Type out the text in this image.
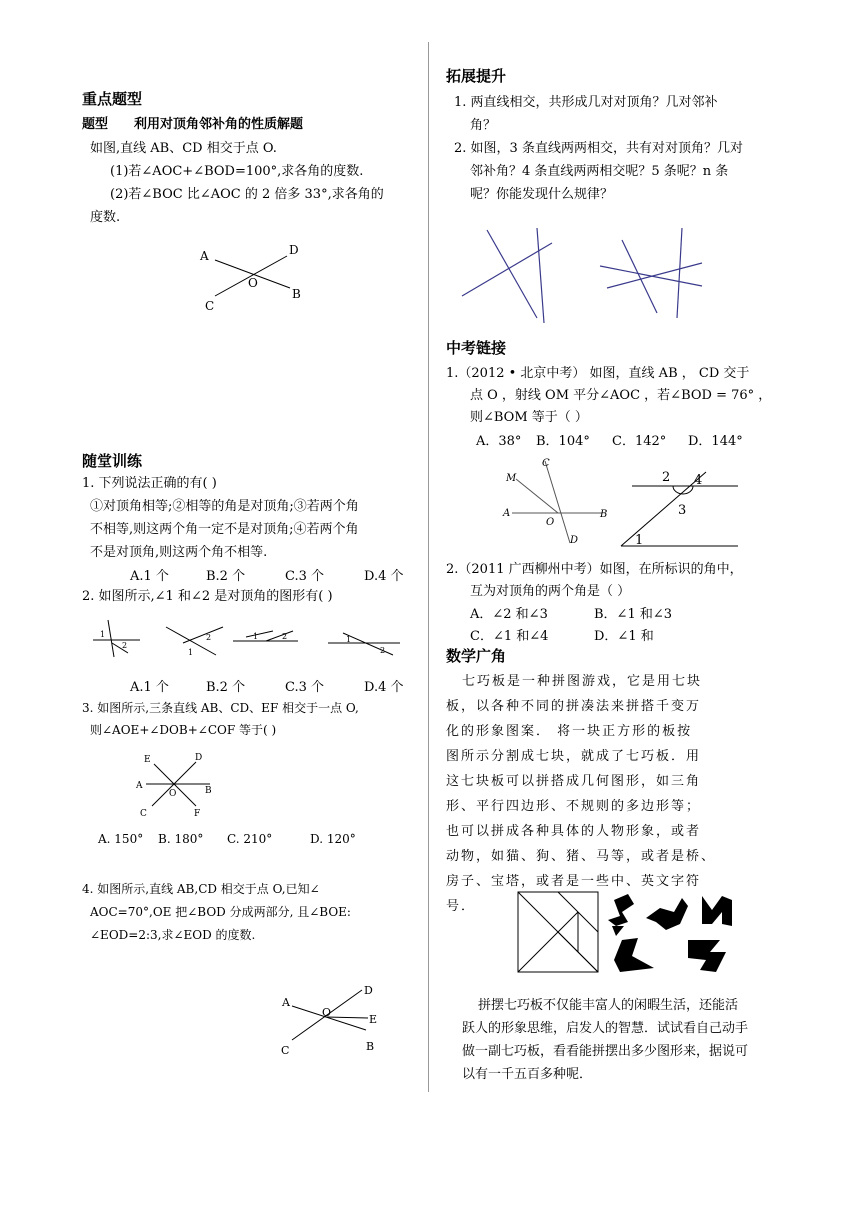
重点题型
题型 利用对顶角邻补角的性质解题
如图,直线 AB、CD 相交于点 O.
(1)若∠AOC+∠BOD=100°,求各角的度数.
(2)若∠BOC 比∠AOC 的 2 倍多 33°,求各角的
度数.
A	D
O
B
C
随堂训练
1. 下列说法正确的有( )
①对顶角相等;②相等的角是对顶角;③若两个角
不相等,则这两个角一定不是对顶角;④若两个角
不是对顶角,则这两个角不相等.
A.1 个	B.2 个	C.3 个	D.4 个
2. 如图所示,∠1 和∠2 是对顶角的图形有( )
1
2
1
2	1	2	1
2
A.1 个	B.2 个	C.3 个	D.4 个
3. 如图所示,三条直线 AB、CD、EF 相交于一点 O,
则∠AOE+∠DOB+∠COF 等于( )
E	D
A	B
O
C	F
A. 150° B. 180° C. 210°	D. 120°
4. 如图所示,直线 AB,CD 相交于点 O,已知∠
AOC=70°,OE 把∠BOD 分成两部分, 且∠BOE:
∠EOD=2:3,求∠EOD 的度数.
A
D
O
E
B
C
拓展提升
1. 两直线相交，共形成几对对顶角？几对邻补
角？
2. 如图，3 条直线两两相交，共有对对顶角？几对
邻补角？4 条直线两两相交呢？5 条呢？n 条
呢？你能发现什么规律？
中考链接
1.（2012 • 北京中考） 如图，直线 AB ， CD 交于
点 O ，射线 OM 平分∠AOC ，若∠BOD = 76° ，
则∠BOM 等于（ ）
A．38° B．104° C．142° D．144°
M
C
A
O
D
B
2 4
3
1
2.（2011 广西柳州中考）如图，在所标识的角中，
互为对顶角的两个角是（ ）
A．∠2 和∠3	B．∠1 和∠3
C．∠1 和∠4	D．∠1 和
数学广角
七巧板是一种拼图游戏，它是用七块
板，以各种不同的拼凑法来拼搭千变万
化的形象图案． 将一块正方形的板按
图所示分割成七块，就成了七巧板．用
这七块板可以拼搭成几何图形，如三角
形、平行四边形、不规则的多边形等；
也可以拼成各种具体的人物形象，或者
动物，如猫、狗、猪、马等，或者是桥、
房子、宝塔，或者是一些中、英文字符
号．
拼摆七巧板不仅能丰富人的闲暇生活，还能活
跃人的形象思维，启发人的智慧．试试看自己动手
做一副七巧板，看看能拼摆出多少图形来，据说可
以有一千五百多种呢．
